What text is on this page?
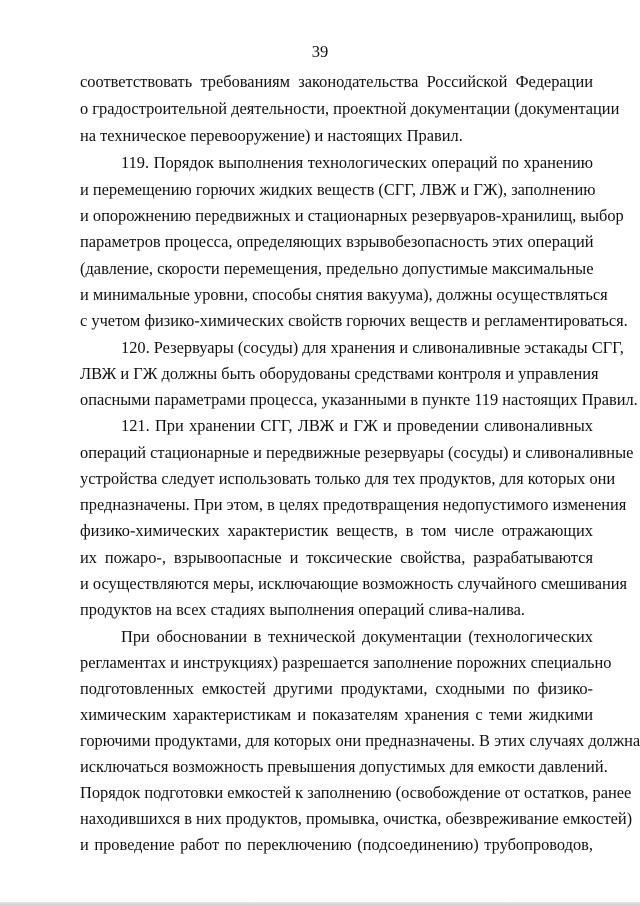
39
соответствовать требованиям законодательства Российской Федерации
о градостроительной деятельности, проектной документации (документации
на техническое перевооружение) и настоящих Правил.
119. Порядок выполнения технологических операций по хранению
и перемещению горючих жидких веществ (СГГ, ЛВЖ и ГЖ), заполнению
и опорожнению передвижных и стационарных резервуаров-хранилищ, выбор
параметров процесса, определяющих взрывобезопасность этих операций
(давление, скорости перемещения, предельно допустимые максимальные
и минимальные уровни, способы снятия вакуума), должны осуществляться
с учетом физико-химических свойств горючих веществ и регламентироваться.
120. Резервуары (сосуды) для хранения и сливоналивные эстакады СГГ,
ЛВЖ и ГЖ должны быть оборудованы средствами контроля и управления
опасными параметрами процесса, указанными в пункте 119 настоящих Правил.
121. При хранении СГГ, ЛВЖ и ГЖ и проведении сливоналивных
операций стационарные и передвижные резервуары (сосуды) и сливоналивные
устройства следует использовать только для тех продуктов, для которых они
предназначены. При этом, в целях предотвращения недопустимого изменения
физико-химических характеристик веществ, в том числе отражающих
их пожаро-, взрывоопасные и токсические свойства, разрабатываются
и осуществляются меры, исключающие возможность случайного смешивания
продуктов на всех стадиях выполнения операций слива-налива.
При обосновании в технической документации (технологических
регламентах и инструкциях) разрешается заполнение порожних специально
подготовленных емкостей другими продуктами, сходными по физико-
химическим характеристикам и показателям хранения с теми жидкими
горючими продуктами, для которых они предназначены. В этих случаях должна
исключаться возможность превышения допустимых для емкости давлений.
Порядок подготовки емкостей к заполнению (освобождение от остатков, ранее
находившихся в них продуктов, промывка, очистка, обезвреживание емкостей)
и проведение работ по переключению (подсоединению) трубопроводов,
